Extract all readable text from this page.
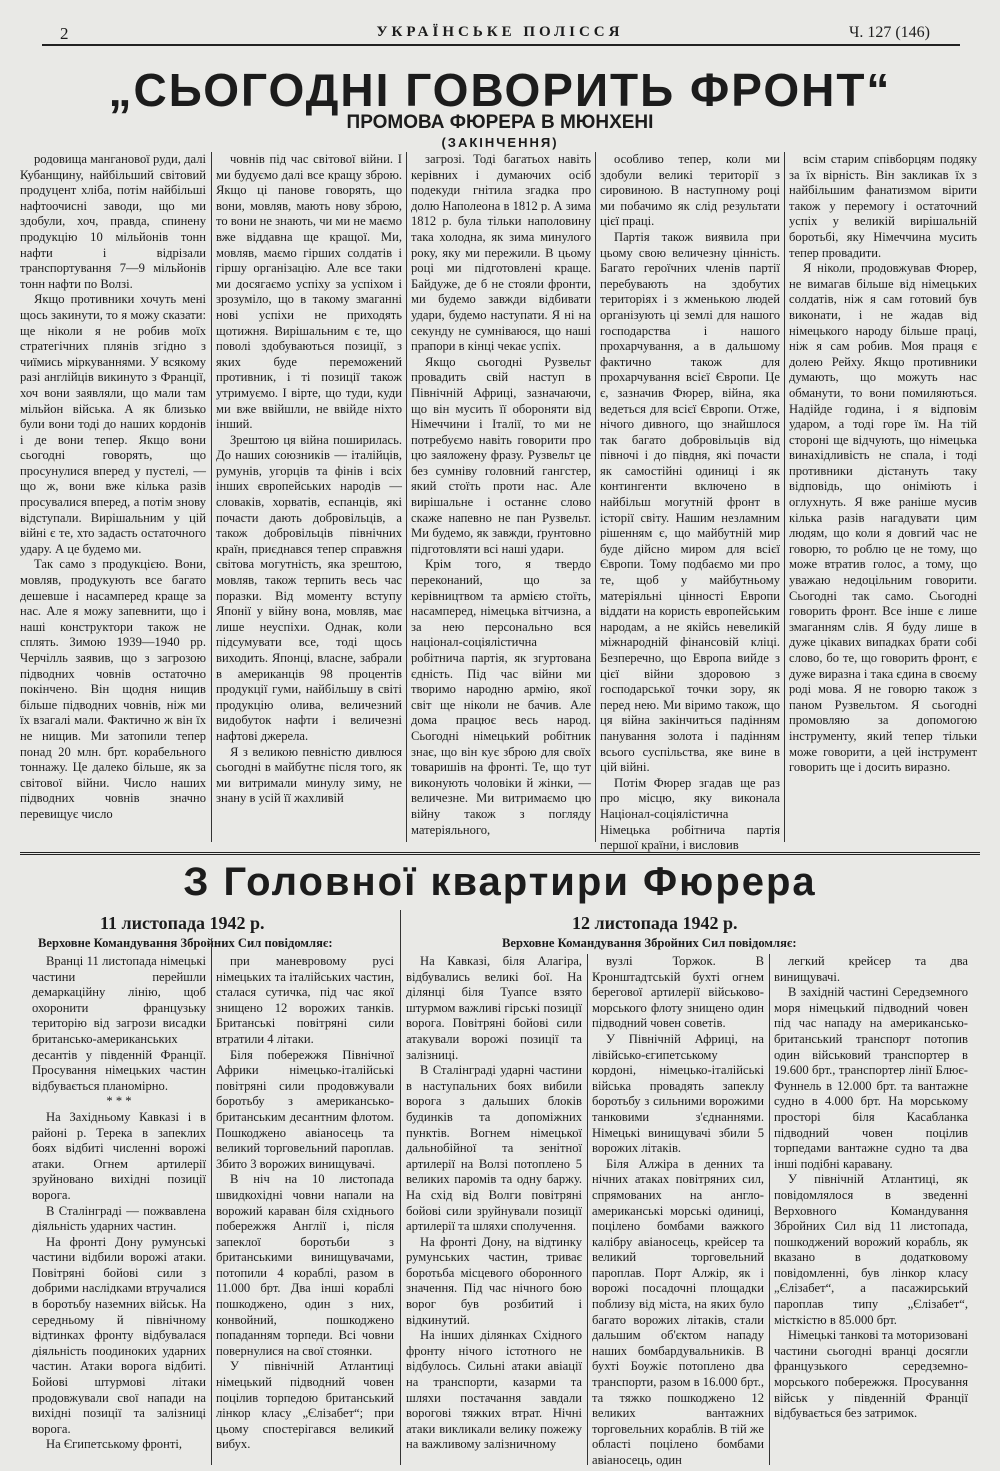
2	УКРАЇНСЬКЕ ПОЛІССЯ	Ч. 127 (146)
„СЬОГОДНІ ГОВОРИТЬ ФРОНТ“
ПРОМОВА ФЮРЕРА В МЮНХЕНІ
(ЗАКІНЧЕННЯ)

родовища манганової руди, далі Кубанщину, найбільший світовий продуцент хліба, потім найбільші нафтоочисні заводи, що ми здобули, хоч, правда, спинену продукцію 10 мільйонів тонн нафти і відрізали транспортування 7—9 мільйонів тонн нафти по Волзі.

Якщо противники хочуть мені щось закинути, то я можу сказати: ще ніколи я не робив моїх стратегічних плянів згідно з чиїмись міркуваннями. У всякому разі англійців викинуто з Франції, хоч вони заявляли, що мали там мільйон війська. А як близько були вони тоді до наших кордонів і де вони тепер. Якщо вони сьогодні говорять, що просунулися вперед у пустелі, — що ж, вони вже кілька разів просувалися вперед, а потім знову відступали. Вирішальним у цій війні є те, хто задасть остаточного удару. А це будемо ми.

Так само з продукцією. Вони, мовляв, продукують все багато дешевше і насамперед краще за нас. Але я можу запевнити, що і наші конструктори також не сплять. Зимою 1939—1940 рр. Черчілль заявив, що з загрозою підводних човнів остаточно покінчено. Він щодня нищив більше підводних човнів, ніж ми їх взагалі мали. Фактично ж він їх не нищив. Ми затопили тепер понад 20 млн. брт. корабельного тоннажу. Це далеко більше, як за світової війни. Число наших підводних човнів значно перевищує число

човнів під час світової війни. І ми будуємо далі все кращу зброю. Якщо ці панове говорять, що вони, мовляв, мають нову зброю, то вони не знають, чи ми не маємо вже віддавна ще кращої. Ми, мовляв, маємо гірших солдатів і гіршу організацію. Але все таки ми досягаємо успіху за успіхом і зрозуміло, що в такому змаганні нові успіхи не приходять щотижня. Вирішальним є те, що поволі здобуваються позиції, з яких буде переможений противник, і ті позиції також утримуємо. І вірте, що туди, куди ми вже ввійшли, не ввійде ніхто інший.

Зрештою ця війна поширилась. До наших союзників — італійців, румунів, угорців та фінів і всіх інших європейських народів — словаків, хорватів, еспанців, які почасти дають добровільців, а також добровільців північних країн, приєднався тепер справжня світова могутність, яка зрештою, мовляв, також терпить весь час поразки. Від моменту вступу Японії у війну вона, мовляв, має лише неуспіхи. Однак, коли підсумувати все, тоді щось виходить. Японці, власне, забрали в американців 98 процентів продукції гуми, найбільшу в світі продукцію олива, величезний видобуток нафти і величезні нафтові джерела.

Я з великою певністю дивлюся сьогодні в майбутнє після того, як ми витримали минулу зиму, не знану в усій її жахливій

загрозі. Тоді багатьох навіть керівних і думаючих осіб подекуди гнітила згадка про долю Наполеона в 1812 р. А зима 1812 р. була тільки наполовину така холодна, як зима минулого року, яку ми пережили. В цьому році ми підготовлені краще. Байдуже, де б не стояли фронти, ми будемо завжди відбивати удари, будемо наступати. Я ні на секунду не сумніваюся, що наші прапори в кінці чекає успіх.

Якщо сьогодні Рузвельт провадить свій наступ в Північній Африці, зазначаючи, що він мусить її обороняти від Німеччини і Італії, то ми не потребуємо навіть говорити про цю заяложену фразу. Рузвельт це без сумніву головний гангстер, який стоїть проти нас. Але вирішальне і останнє слово скаже напевно не пан Рузвельт. Ми будемо, як завжди, ґрунтовно підготовляти всі наші удари.

Крім того, я твердо переконаний, що за керівництвом та армією стоїть, насамперед, німецька вітчизна, а за нею персонально вся націонал-соціялістична робітнича партія, як згуртована єдність. Під час війни ми творимо народню армію, якої світ ще ніколи не бачив. Але дома працює весь народ. Сьогодні німецький робітник знає, що він кує зброю для своїх товаришів на фронті. Те, що тут виконують чоловіки й жінки, — величезне. Ми витримаємо цю війну також з погляду матеріяльного,

особливо тепер, коли ми здобули великі території з сировиною. В наступному році ми побачимо як слід результати цієї праці.

Партія також виявила при цьому свою величезну цінність. Багато героїчних членів партії перебувають на здобутих територіях і з жменькою людей організують ці землі для нашого господарства і нашого прохарчування, а в дальшому фактично також для прохарчування всієї Європи. Це є, зазначив Фюрер, війна, яка ведеться для всієї Європи. Отже, нічого дивного, що знайшлося так багато добровільців від півночі і до півдня, які почасти як самостійні одиниці і як контингенти включено в найбільш могутній фронт в історії світу. Нашим незламним рішенням є, що майбутній мир буде дійсно миром для всієї Європи. Тому подбаємо ми про те, щоб у майбутньому матеріяльні цінності Европи віддати на користь европейським народам, а не якійсь невеликій міжнародній фінансовій кліці. Безперечно, що Европа вийде з цієї війни здоровою з господарської точки зору, як перед нею. Ми віримо також, що ця війна закінчиться падінням панування золота і падінням всього суспільства, яке вине в цій війні.

Потім Фюрер згадав ще раз про місцю, яку виконала Націонал-соціялістична Німецька робітнича партія першої країни, і висловив

всім старим співборцям подяку за їх вірність. Він закликав їх з найбільшим фанатизмом вірити також у перемогу і остаточний успіх у великій вирішальній боротьбі, яку Німеччина мусить тепер провадити.

Я ніколи, продовжував Фюрер, не вимагав більше від німецьких солдатів, ніж я сам готовий був виконати, і не жадав від німецького народу більше праці, ніж я сам робив. Моя праця є долею Рейху. Якщо противники думають, що можуть нас обманути, то вони помиляються. Надійде година, і я відповім ударом, а тоді горе їм. На тій стороні ще відчують, що німецька винахідливість не спала, і тоді противники дістануть таку відповідь, що оніміють і оглухнуть. Я вже раніше мусив кілька разів нагадувати цим людям, що коли я довгий час не говорю, то роблю це не тому, що може втратив голос, а тому, що уважаю недоцільним говорити. Сьогодні так само. Сьогодні говорить фронт. Все інше є лише змаганням слів. Я буду лише в дуже цікавих випадках брати собі слово, бо те, що говорить фронт, є дуже виразна і така єдина в своєму роді мова. Я не говорю також з паном Рузвельтом. Я сьогодні промовляю за допомогою інструменту, який тепер тільки може говорити, а цей інструмент говорить ще і досить виразно.

З Головної квартири Фюрера
11 листопада 1942 р.	12 листопада 1942 р.
Верховне Командування Збройних Сил повідомляє:	Верховне Командування Збройних Сил повідомляє:

Вранці 11 листопада німецькі частини перейшли демаркаційну лінію, щоб охоронити французьку територію від загрози висадки британсько-американських десантів у південній Франції. Просування німецьких частин відбувається планомірно.

* * *

На Західньому Кавказі і в районі р. Терека в запеклих боях відбиті численні ворожі атаки. Огнем артилерії зруйновано вихідні позиції ворога.

В Сталінграді — пожвавлена діяльність ударних частин.

На фронті Дону румунські частини відбили ворожі атаки. Повітряні бойові сили з добрими наслідками втручалися в боротьбу наземних військ. На середньому й північному відтинках фронту відбувалася діяльність поодиноких ударних частин. Атаки ворога відбиті. Бойові штурмові літаки продовжували свої напади на вихідні позиції та залізниці ворога.

На Єгипетському фронті,

при маневровому русі німецьких та італійських частин, сталася сутичка, під час якої знищено 12 ворожих танків. Британські повітряні сили втратили 4 літаки.

Біля побережжя Північної Африки німецько-італійські повітряні сили продовжували боротьбу з американсько-британським десантним флотом. Пошкоджено авіаносець та великий торговельний пароплав. Збито 3 ворожих винищувачі.

В ніч на 10 листопада швидкохідні човни напали на ворожий караван біля східнього побережжя Англії і, після запеклої боротьби з британськими винищувачами, потопили 4 кораблі, разом в 11.000 брт. Два інші кораблі пошкоджено, один з них, конвойний, пошкоджено попаданням торпеди. Всі човни повернулися на свої стоянки.

У північній Атлантиці німецький підводний човен поцілив торпедою британський лінкор класу „Єлізабет“; при цьому спостерігався великий вибух.

На Кавказі, біля Алагіра, відбувались великі бої. На ділянці біля Туапсе взято штурмом важливі гірські позиції ворога. Повітряні бойові сили атакували ворожі позиції та залізниці.

В Сталінграді ударні частини в наступальних боях вибили ворога з дальших блоків будинків та допоміжних пунктів. Вогнем німецької дальнобійної та зенітної артилерії на Волзі потоплено 5 великих паромів та одну баржу. На схід від Волги повітряні бойові сили зруйнували позиції артилерії та шляхи сполучення.

На фронті Дону, на відтинку румунських частин, триває боротьба місцевого оборонного значення. Під час нічного бою ворог був розбитий і відкинутий.

На інших ділянках Східного фронту нічого істотного не відбулось. Сильні атаки авіації на транспорти, казарми та шляхи постачання завдали ворогові тяжких втрат. Нічні атаки викликали велику пожежу на важливому залізничному

вузлі Торжок. В Кронштадтській бухті огнем берегової артилерії військово-морського флоту знищено один підводний човен советів.

У Північній Африці, на лівійсько-єгипетському кордоні, німецько-італійські війська провадять запеклу боротьбу з сильними ворожими танковими з'єднаннями. Німецькі винищувачі збили 5 ворожих літаків.

Біля Алжіра в денних та нічних атаках повітряних сил, спрямованих на англо-американські морські одиниці, поцілено бомбами важкого калібру авіаносець, крейсер та великий торговельний пароплав. Порт Алжір, як і ворожі посадочні площадки поблизу від міста, на яких було багато ворожих літаків, стали дальшим об'єктом нападу наших бомбардувальників. В бухті Боужіє потоплено два транспорти, разом в 16.000 брт., та тяжко пошкоджено 12 великих вантажних торговельних кораблів. В тій же області поцілено бомбами авіаносець, один

легкий крейсер та два винищувачі.

В західній частині Середземного моря німецький підводний човен під час нападу на американсько-британський транспорт потопив один військовий транспортер в 19.600 брт., транспортер лінії Блює-Фуннель в 12.000 брт. та вантажне судно в 4.000 брт. На морському просторі біля Касабланка підводний човен поцілив торпедами вантажне судно та два інші подібні каравану.

У північній Атлантиці, як повідомлялося в зведенні Верховного Командування Збройних Сил від 11 листопада, пошкоджений ворожий корабль, як вказано в додатковому повідомленні, був лінкор класу „Єлізабет“, а пасажирський пароплав типу „Єлізабет“, місткістю в 85.000 брт.

Німецькі танкові та моторизовані частини сьогодні вранці досягли французького середземно-морського побережжя. Просування військ у південній Франції відбувається без затримок.
